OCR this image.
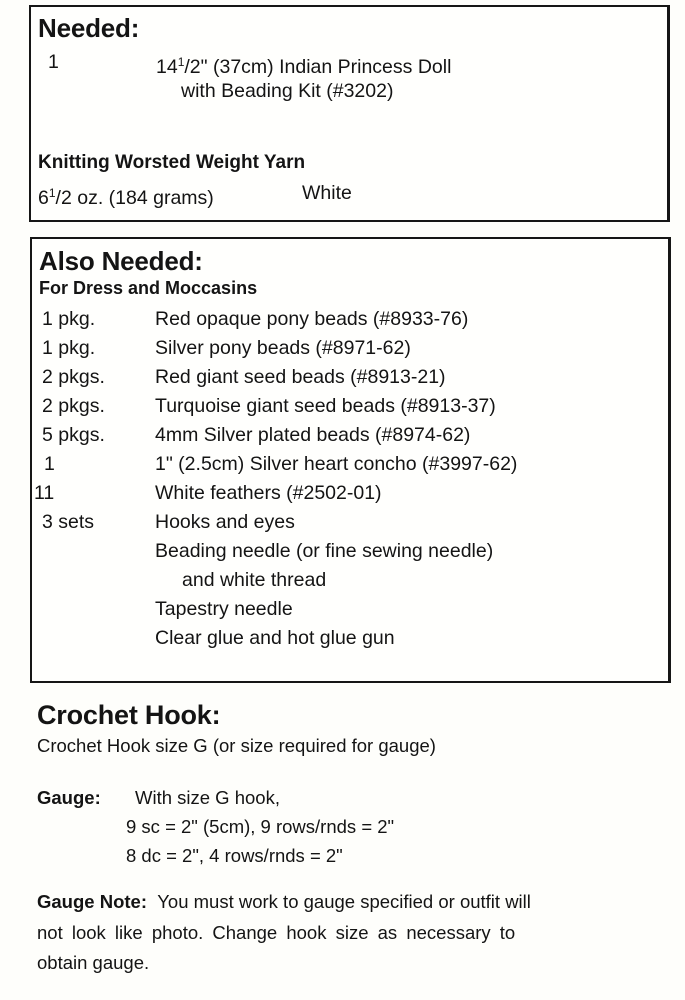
Needed:
1	$14^1/2$" (37cm) Indian Princess Doll
with Beading Kit (#3202)
Knitting Worsted Weight Yarn
$6^1/2$ oz. (184 grams)	White
Also Needed:
For Dress and Moccasins
1 pkg.	Red opaque pony beads (#8933-76)
1 pkg.	Silver pony beads (#8971-62)
2 pkgs.	Red giant seed beads (#8913-21)
2 pkgs.	Turquoise giant seed beads (#8913-37)
5 pkgs.	4mm Silver plated beads (#8974-62)
1	1" (2.5cm) Silver heart concho (#3997-62)
11	White feathers (#2502-01)
3 sets	Hooks and eyes
Beading needle (or fine sewing needle)
and white thread
Tapestry needle
Clear glue and hot glue gun
Crochet Hook:
Crochet Hook size G (or size required for gauge)
Gauge: With size G hook,
9 sc = 2" (5cm), 9 rows/rnds = 2"
8 dc = 2", 4 rows/rnds = 2"
Gauge Note: You must work to gauge specified or outfit will
not look like photo. Change hook size as necessary to
obtain gauge.
